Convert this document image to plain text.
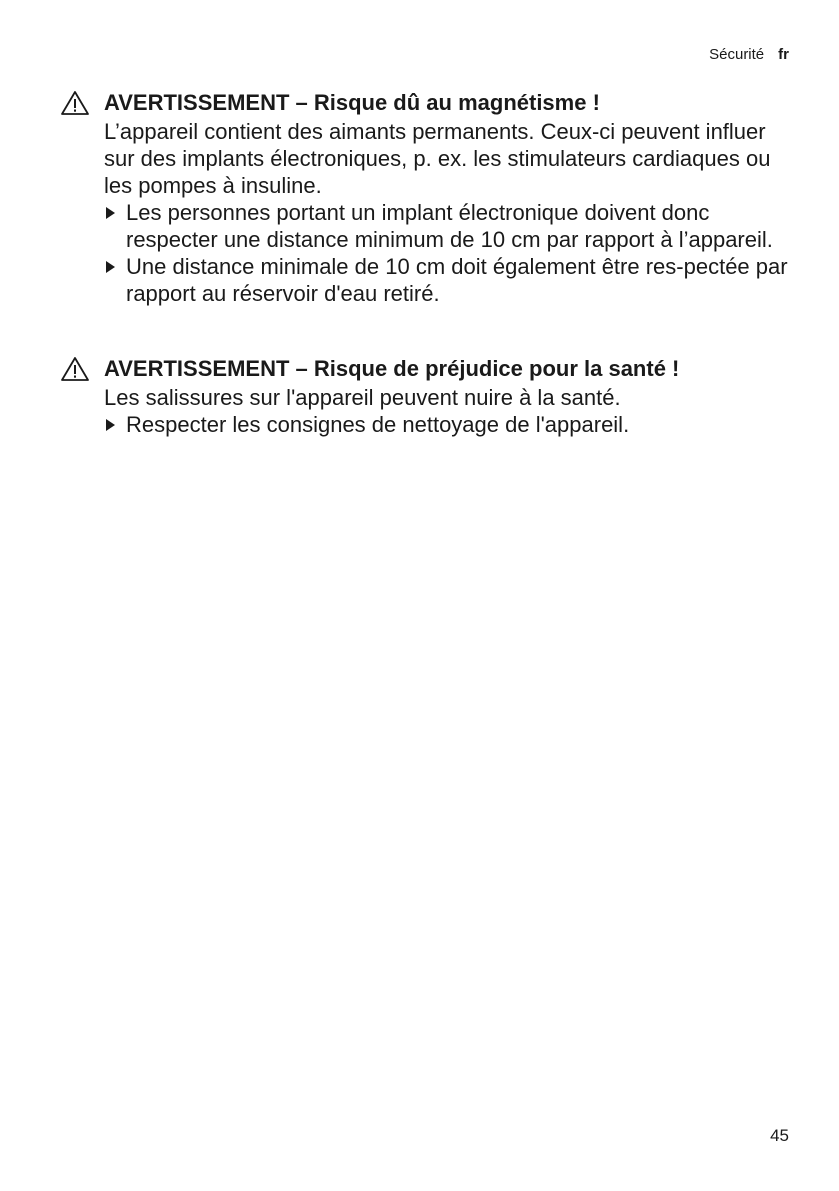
Sécurité fr
AVERTISSEMENT – Risque dû au magnétisme !

L’appareil contient des aimants permanents. Ceux-ci peuvent influer sur des implants électroniques, p. ex. les stimulateurs cardiaques ou les pompes à insuline.

Les personnes portant un implant électronique doivent donc respecter une distance minimum de 10 cm par rapport à l’appareil.
Une distance minimale de 10 cm doit également être res-pectée par rapport au réservoir d'eau retiré.
AVERTISSEMENT – Risque de préjudice pour la santé !

Les salissures sur l'appareil peuvent nuire à la santé.

Respecter les consignes de nettoyage de l'appareil.
45
